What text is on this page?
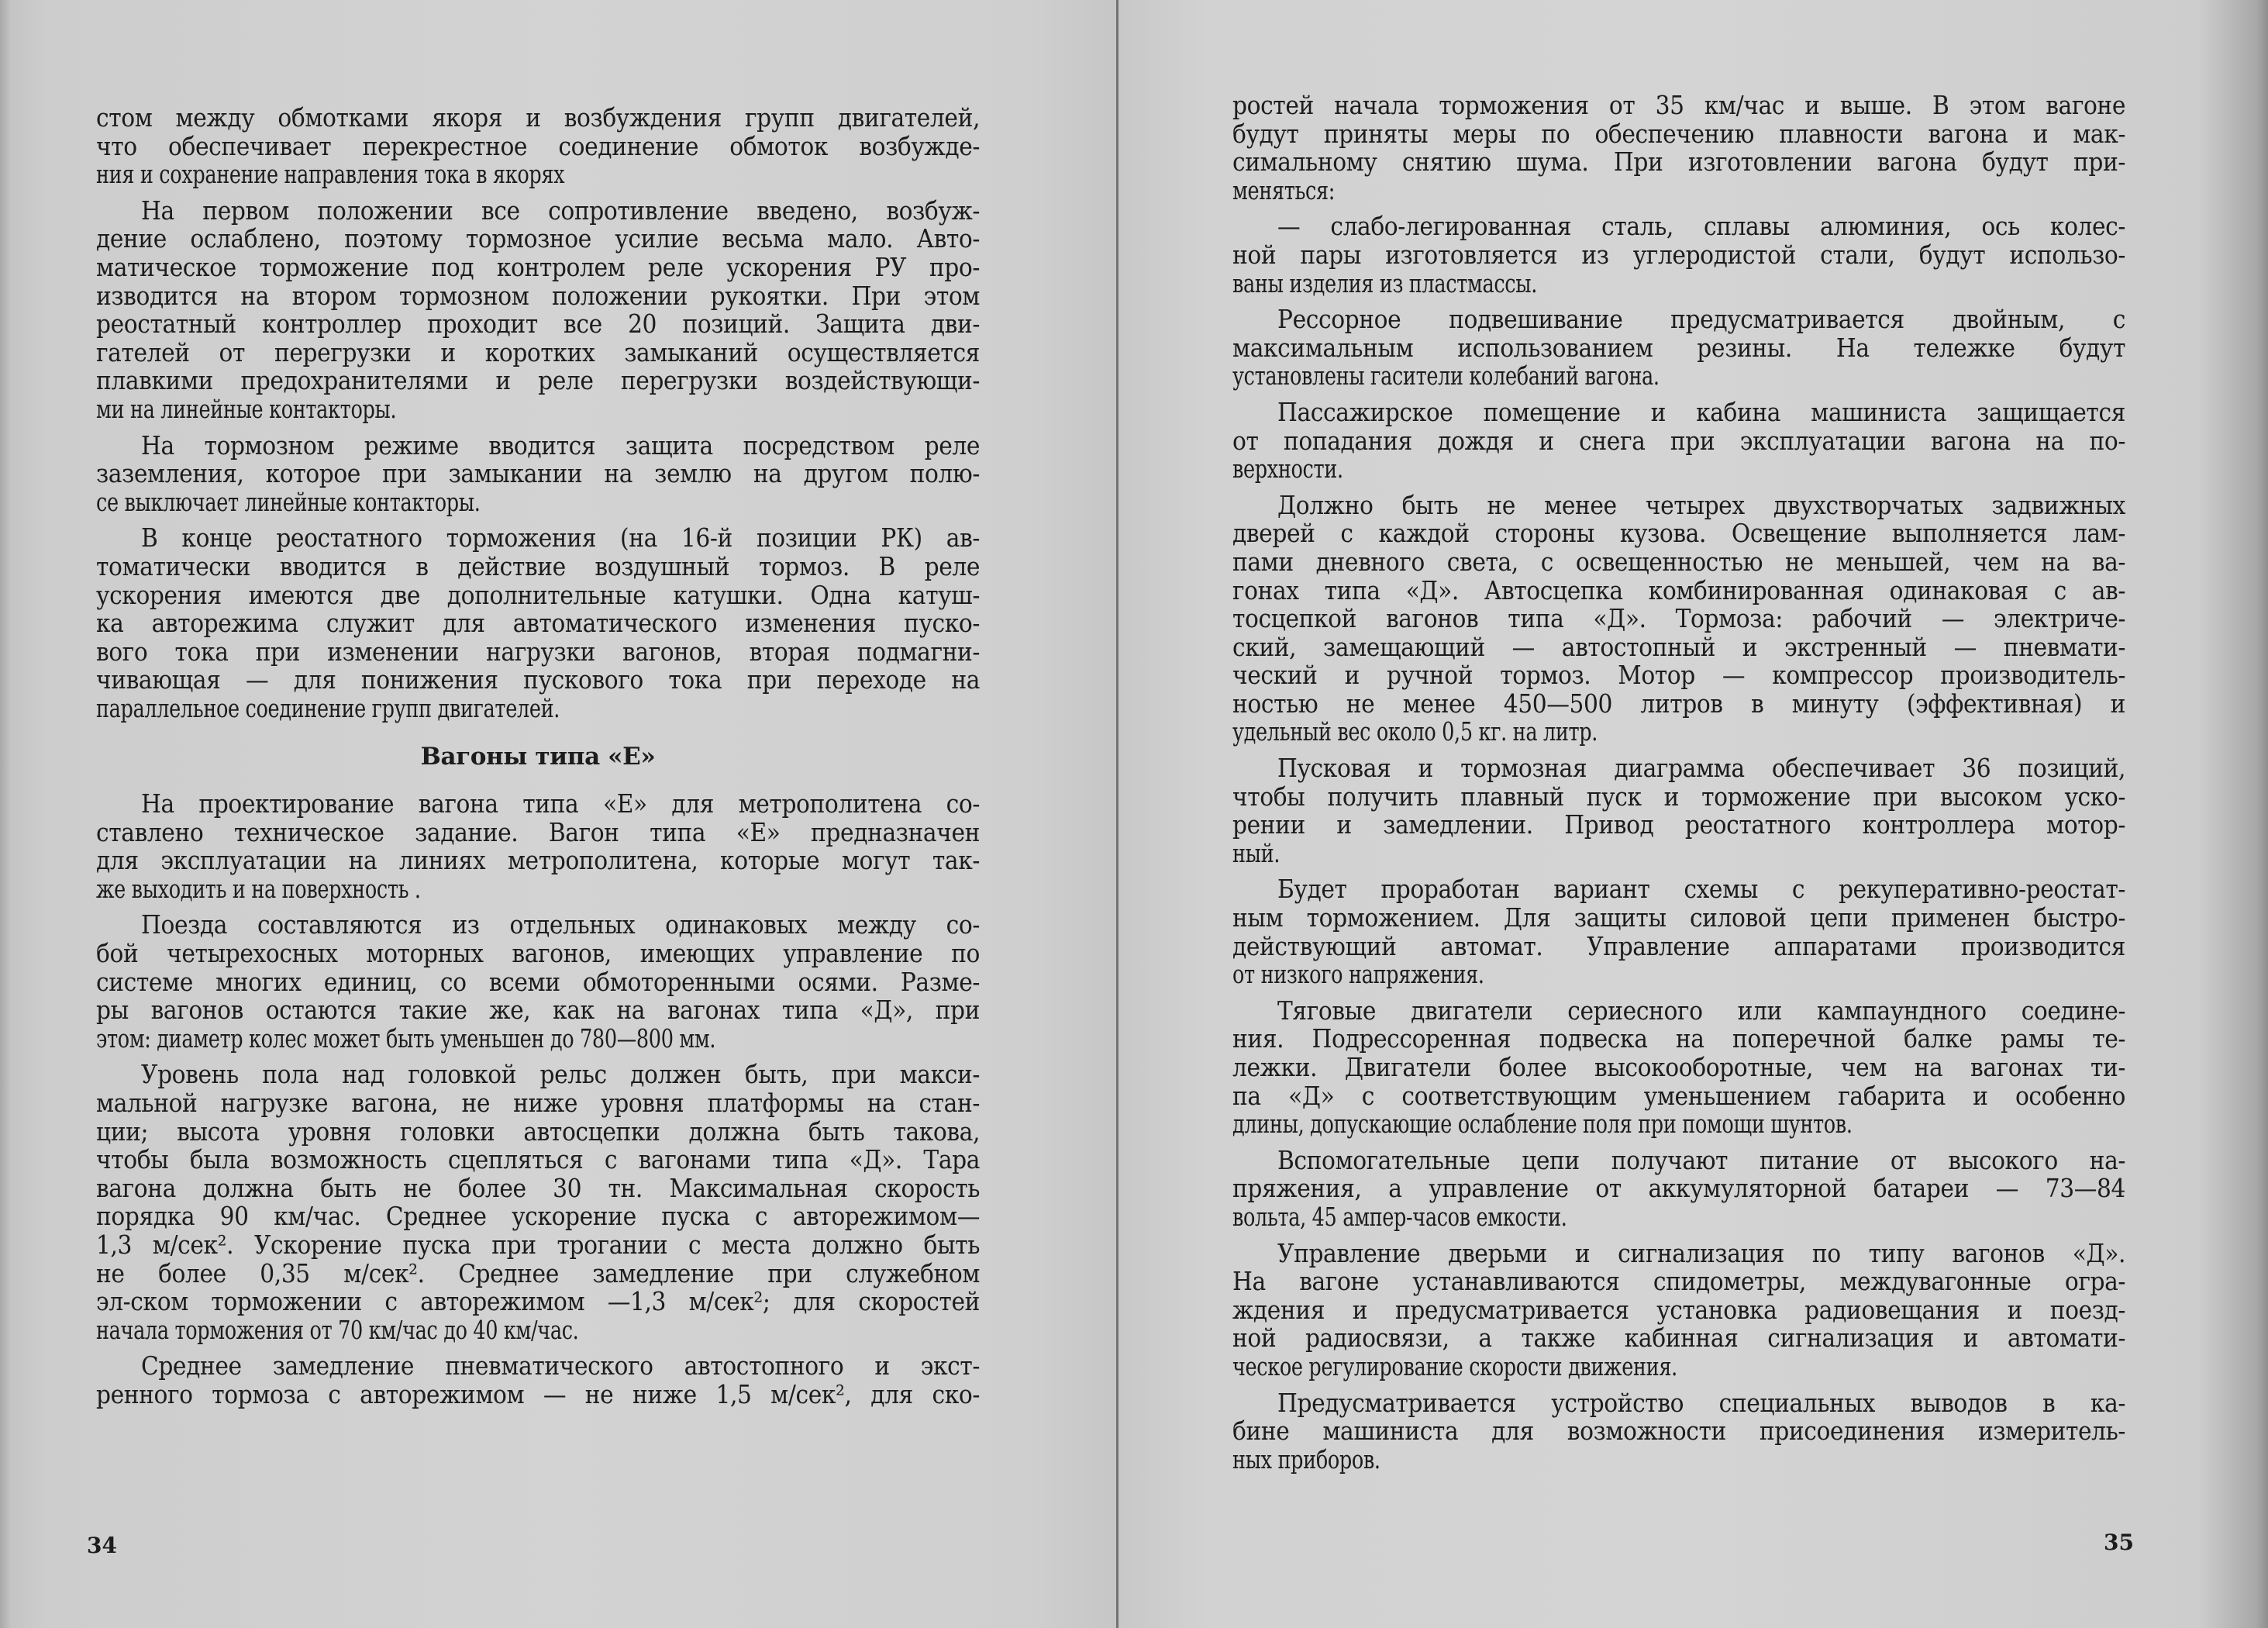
стом между обмотками якоря и возбуждения групп двигателей,
что обеспечивает перекрестное соединение обмоток возбужде-
ния и сохранение направления тока в якорях
На первом положении все сопротивление введено, возбуж-
дение ослаблено, поэтому тормозное усилие весьма мало. Авто-
матическое торможение под контролем реле ускорения РУ про-
изводится на втором тормозном положении рукоятки. При этом
реостатный контроллер проходит все 20 позиций. Защита дви-
гателей от перегрузки и коротких замыканий осуществляется
плавкими предохранителями и реле перегрузки воздействующи-
ми на линейные контакторы.
На тормозном режиме вводится защита посредством реле
заземления, которое при замыкании на землю на другом полю-
се выключает линейные контакторы.
В конце реостатного торможения (на 16-й позиции РК) ав-
томатически вводится в действие воздушный тормоз. В реле
ускорения имеются две дополнительные катушки. Одна катуш-
ка авторежима служит для автоматического изменения пуско-
вого тока при изменении нагрузки вагонов, вторая подмагни-
чивающая — для понижения пускового тока при переходе на
параллельное соединение групп двигателей.
Вагоны типа «Е»
На проектирование вагона типа «Е» для метрополитена со-
ставлено техническое задание. Вагон типа «Е» предназначен
для эксплуатации на линиях метрополитена, которые могут так-
же выходить и на поверхность .
Поезда составляются из отдельных одинаковых между со-
бой четырехосных моторных вагонов, имеющих управление по
системе многих единиц, со всеми обмоторенными осями. Разме-
ры вагонов остаются такие же, как на вагонах типа «Д», при
этом: диаметр колес может быть уменьшен до 780—800 мм.
Уровень пола над головкой рельс должен быть, при макси-
мальной нагрузке вагона, не ниже уровня платформы на стан-
ции; высота уровня головки автосцепки должна быть такова,
чтобы была возможность сцепляться с вагонами типа «Д». Тара
вагона должна быть не более 30 тн. Максимальная скорость
порядка 90 км/час. Среднее ускорение пуска с авторежимом—
1,3 м/сек². Ускорение пуска при трогании с места должно быть
не более 0,35 м/сек². Среднее замедление при служебном
эл-ском торможении с авторежимом —1,3 м/сек²; для скоростей
начала торможения от 70 км/час до 40 км/час.
Среднее замедление пневматического автостопного и экст-
ренного тормоза с авторежимом — не ниже 1,5 м/сек², для ско-
34
ростей начала торможения от 35 км/час и выше. В этом вагоне
будут приняты меры по обеспечению плавности вагона и мак-
симальному снятию шума. При изготовлении вагона будут при-
меняться:
— слабо-легированная сталь, сплавы алюминия, ось колес-
ной пары изготовляется из углеродистой стали, будут использо-
ваны изделия из пластмассы.
Рессорное подвешивание предусматривается двойным, с
максимальным использованием резины. На тележке будут
установлены гасители колебаний вагона.
Пассажирское помещение и кабина машиниста защищается
от попадания дождя и снега при эксплуатации вагона на по-
верхности.
Должно быть не менее четырех двухстворчатых задвижных
дверей с каждой стороны кузова. Освещение выполняется лам-
пами дневного света, с освещенностью не меньшей, чем на ва-
гонах типа «Д». Автосцепка комбинированная одинаковая с ав-
тосцепкой вагонов типа «Д». Тормоза: рабочий — электриче-
ский, замещающий — автостопный и экстренный — пневмати-
ческий и ручной тормоз. Мотор — компрессор производитель-
ностью не менее 450—500 литров в минуту (эффективная) и
удельный вес около 0,5 кг. на литр.
Пусковая и тормозная диаграмма обеспечивает 36 позиций,
чтобы получить плавный пуск и торможение при высоком уско-
рении и замедлении. Привод реостатного контроллера мотор-
ный.
Будет проработан вариант схемы с рекуперативно-реостат-
ным торможением. Для защиты силовой цепи применен быстро-
действующий автомат. Управление аппаратами производится
от низкого напряжения.
Тяговые двигатели сериесного или кампаундного соедине-
ния. Подрессоренная подвеска на поперечной балке рамы те-
лежки. Двигатели более высокооборотные, чем на вагонах ти-
па «Д» с соответствующим уменьшением габарита и особенно
длины, допускающие ослабление поля при помощи шунтов.
Вспомогательные цепи получают питание от высокого на-
пряжения, а управление от аккумуляторной батареи — 73—84
вольта, 45 ампер-часов емкости.
Управление дверьми и сигнализация по типу вагонов «Д».
На вагоне устанавливаются спидометры, междувагонные огра-
ждения и предусматривается установка радиовещания и поезд-
ной радиосвязи, а также кабинная сигнализация и автомати-
ческое регулирование скорости движения.
Предусматривается устройство специальных выводов в ка-
бине машиниста для возможности присоединения измеритель-
ных приборов.
35
